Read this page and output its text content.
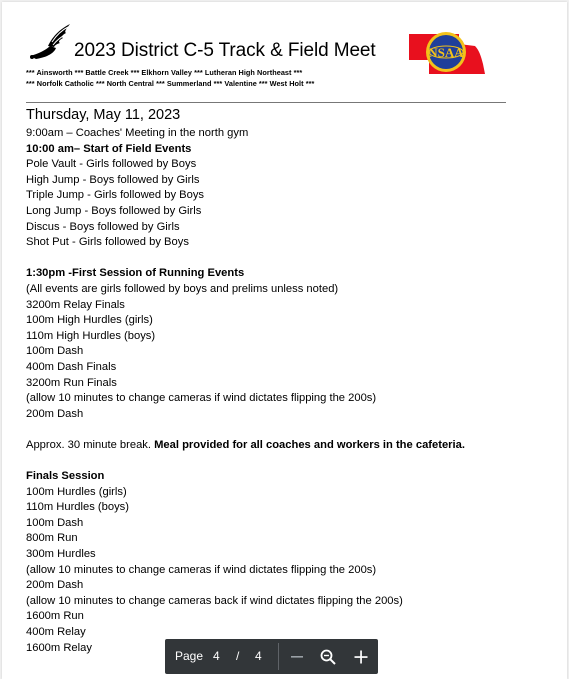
2023 District C-5 Track & Field Meet	NSAA
*** Ainsworth *** Battle Creek *** Elkhorn Valley *** Lutheran High Northeast ***
*** Norfolk Catholic *** North Central *** Summerland *** Valentine *** West Holt ***
Thursday, May 11, 2023
9:00am – Coaches' Meeting in the north gym
10:00 am– Start of Field Events
Pole Vault - Girls followed by Boys
High Jump - Boys followed by Girls
Triple Jump - Girls followed by Boys
Long Jump - Boys followed by Girls
Discus - Boys followed by Girls
Shot Put - Girls followed by Boys
1:30pm -First Session of Running Events
(All events are girls followed by boys and prelims unless noted)
3200m Relay Finals
100m High Hurdles (girls)
110m High Hurdles (boys)
100m Dash
400m Dash Finals
3200m Run Finals
(allow 10 minutes to change cameras if wind dictates flipping the 200s)
200m Dash
Approx. 30 minute break. Meal provided for all coaches and workers in the cafeteria.
Finals Session
100m Hurdles (girls)
110m Hurdles (boys)
100m Dash
800m Run
300m Hurdles
(allow 10 minutes to change cameras if wind dictates flipping the 200s)
200m Dash
(allow 10 minutes to change cameras back if wind dictates flipping the 200s)
1600m Run
400m Relay
1600m Relay
Page 4 / 4
